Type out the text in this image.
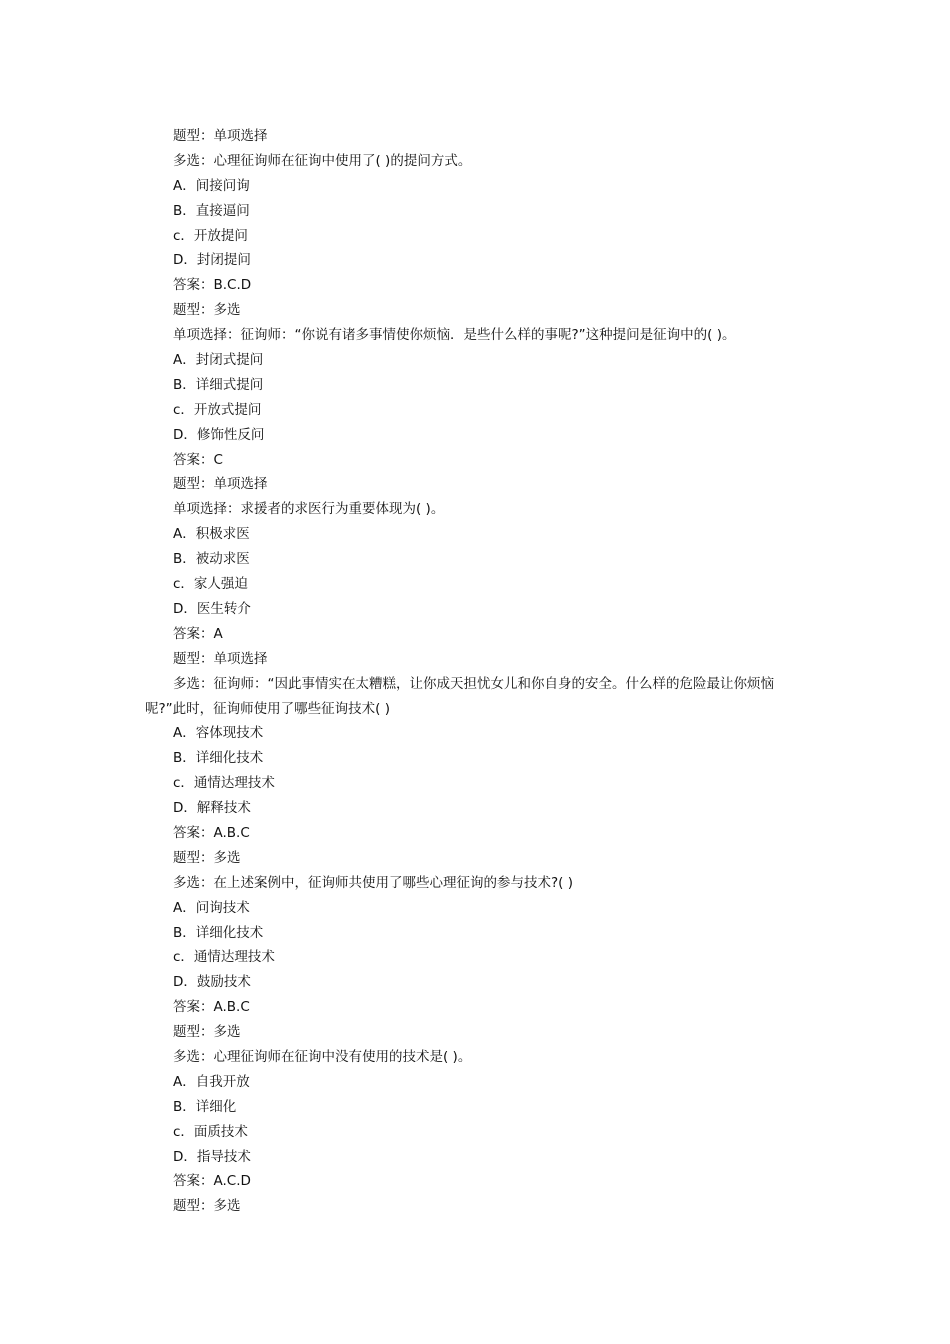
题型：单项选择
多选：心理征询师在征询中使用了( )的提问方式。
A．间接问询
B．直接逼问
c．开放提问
D．封闭提问
答案：B.C.D
题型：多选
单项选择：征询师：“你说有诸多事情使你烦恼．是些什么样的事呢?”这种提问是征询中的( )。
A．封闭式提问
B．详细式提问
c．开放式提问
D．修饰性反问
答案：C
题型：单项选择
单项选择：求援者的求医行为重要体现为( )。
A．积极求医
B．被动求医
c．家人强迫
D．医生转介
答案：A
题型：单项选择
多选：征询师：“因此事情实在太糟糕，让你成天担忧女儿和你自身的安全。什么样的危险最让你烦恼呢?”此时，征询师使用了哪些征询技术( )
A．容体现技术
B．详细化技术
c．通情达理技术
D．解释技术
答案：A.B.C
题型：多选
多选：在上述案例中，征询师共使用了哪些心理征询的参与技术?( )
A．问询技术
B．详细化技术
c．通情达理技术
D．鼓励技术
答案：A.B.C
题型：多选
多选：心理征询师在征询中没有使用的技术是( )。
A．自我开放
B．详细化
c．面质技术
D．指导技术
答案：A.C.D
题型：多选
